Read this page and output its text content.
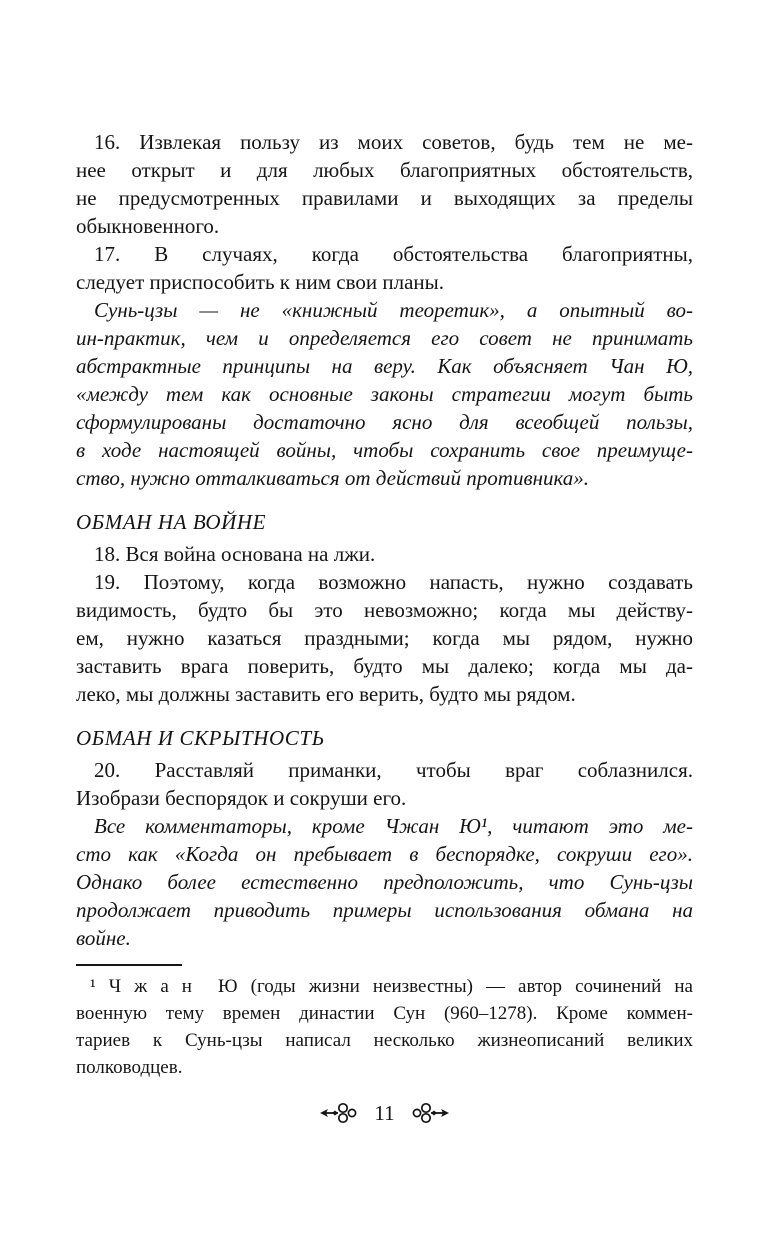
16. Извлекая пользу из моих советов, будь тем не ме-
нее открыт и для любых благоприятных обстоятельств,
не предусмотренных правилами и выходящих за пределы
обыкновенного.
17. В случаях, когда обстоятельства благоприятны,
следует приспособить к ним свои планы.
Сунь-цзы — не «книжный теоретик», а опытный во-
ин-практик, чем и определяется его совет не принимать
абстрактные принципы на веру. Как объясняет Чан Ю,
«между тем как основные законы стратегии могут быть
сформулированы достаточно ясно для всеобщей пользы,
в ходе настоящей войны, чтобы сохранить свое преимуще-
ство, нужно отталкиваться от действий противника».
ОБМАН НА ВОЙНЕ
18. Вся война основана на лжи.
19. Поэтому, когда возможно напасть, нужно создавать
видимость, будто бы это невозможно; когда мы действу-
ем, нужно казаться праздными; когда мы рядом, нужно
заставить врага поверить, будто мы далеко; когда мы да-
леко, мы должны заставить его верить, будто мы рядом.
ОБМАН И СКРЫТНОСТЬ
20. Расставляй приманки, чтобы враг соблазнился.
Изобрази беспорядок и сокруши его.
Все комментаторы, кроме Чжан Ю¹, читают это ме-
сто как «Когда он пребывает в беспорядке, сокруши его».
Однако более естественно предположить, что Сунь-цзы
продолжает приводить примеры использования обмана на
войне.
¹ Ч ж а н  Ю (годы жизни неизвестны) — автор сочинений на
военную тему времен династии Сун (960–1278). Кроме коммен-
тариев к Сунь-цзы написал несколько жизнеописаний великих
полководцев.
11
